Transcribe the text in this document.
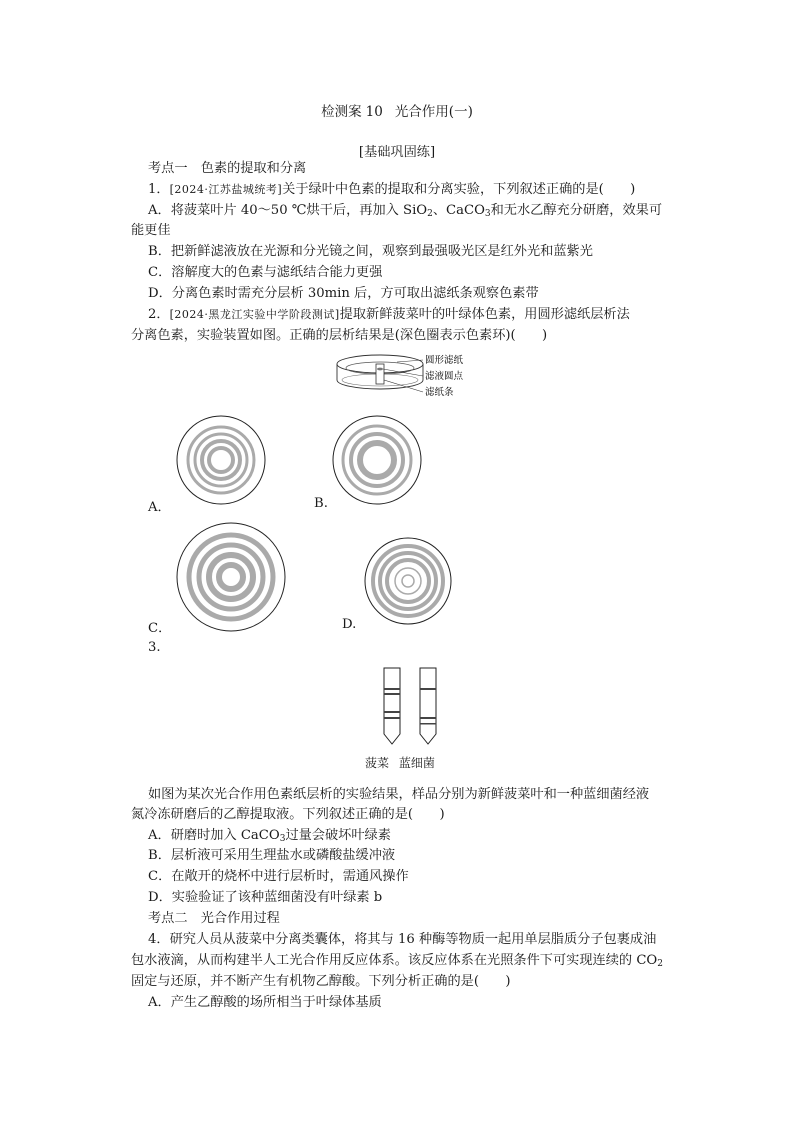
检测案 10 光合作用(一)
[基础巩固练]
考点一　色素的提取和分离
1．[2024·江苏盐城统考]关于绿叶中色素的提取和分离实验，下列叙述正确的是(　　)
A．将菠菜叶片 40～50 ℃烘干后，再加入 SiO$_2$、CaCO$_3$和无水乙醇充分研磨，效果可
能更佳
B．把新鲜滤液放在光源和分光镜之间，观察到最强吸光区是红外光和蓝紫光
C．溶解度大的色素与滤纸结合能力更强
D．分离色素时需充分层析 30min 后，方可取出滤纸条观察色素带
2．[2024·黑龙江实验中学阶段测试]提取新鲜菠菜叶的叶绿体色素，用圆形滤纸层析法
分离色素，实验装置如图。正确的层析结果是(深色圈表示色素环)(　　)
圆形滤纸
滤液圆点
滤纸条
A．	B.
C．	D.
3.
菠菜 蓝细菌
如图为某次光合作用色素纸层析的实验结果，样品分别为新鲜菠菜叶和一种蓝细菌经液
氮冷冻研磨后的乙醇提取液。下列叙述正确的是(　　)
A．研磨时加入 CaCO$_3$过量会破坏叶绿素
B．层析液可采用生理盐水或磷酸盐缓冲液
C．在敞开的烧杯中进行层析时，需通风操作
D．实验验证了该种蓝细菌没有叶绿素 b
考点二　光合作用过程
4．研究人员从菠菜中分离类囊体，将其与 16 种酶等物质一起用单层脂质分子包裹成油
包水液滴，从而构建半人工光合作用反应体系。该反应体系在光照条件下可实现连续的 $CO_2$
固定与还原，并不断产生有机物乙醇酸。下列分析正确的是(　　)
A．产生乙醇酸的场所相当于叶绿体基质
